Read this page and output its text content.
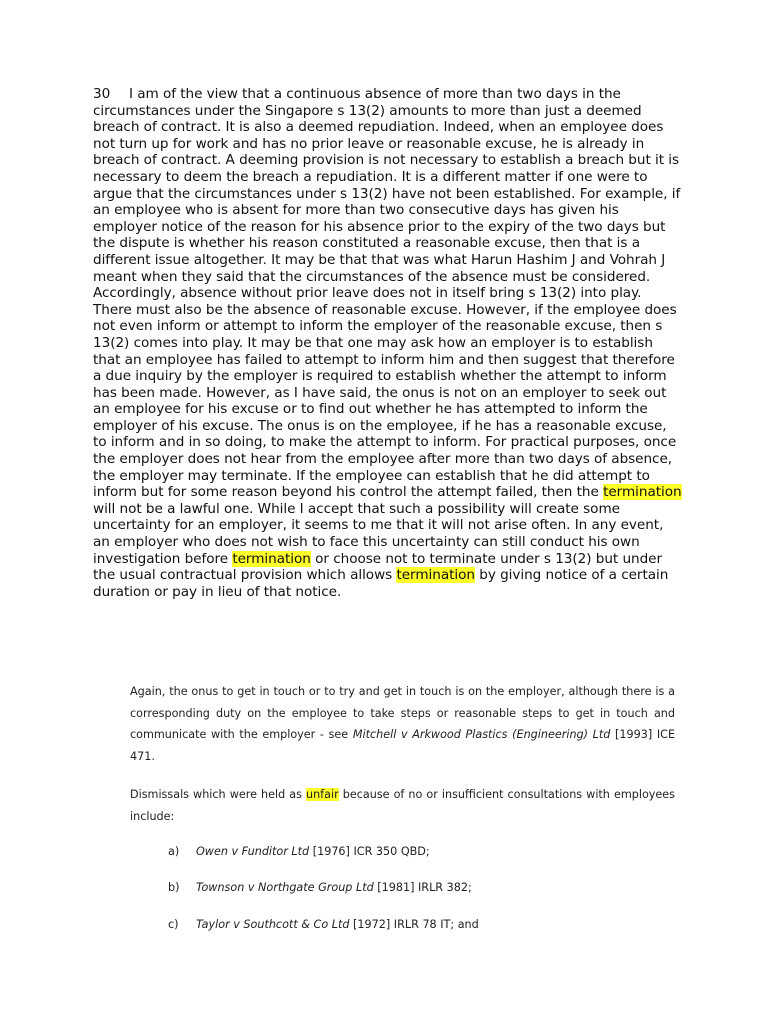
30 I am of the view that a continuous absence of more than two days in the circumstances under the Singapore s 13(2) amounts to more than just a deemed breach of contract. It is also a deemed repudiation. Indeed, when an employee does not turn up for work and has no prior leave or reasonable excuse, he is already in breach of contract. A deeming provision is not necessary to establish a breach but it is necessary to deem the breach a repudiation. It is a different matter if one were to argue that the circumstances under s 13(2) have not been established. For example, if an employee who is absent for more than two consecutive days has given his employer notice of the reason for his absence prior to the expiry of the two days but the dispute is whether his reason constituted a reasonable excuse, then that is a different issue altogether. It may be that that was what Harun Hashim J and Vohrah J meant when they said that the circumstances of the absence must be considered. Accordingly, absence without prior leave does not in itself bring s 13(2) into play. There must also be the absence of reasonable excuse. However, if the employee does not even inform or attempt to inform the employer of the reasonable excuse, then s 13(2) comes into play. It may be that one may ask how an employer is to establish that an employee has failed to attempt to inform him and then suggest that therefore a due inquiry by the employer is required to establish whether the attempt to inform has been made. However, as I have said, the onus is not on an employer to seek out an employee for his excuse or to find out whether he has attempted to inform the employer of his excuse. The onus is on the employee, if he has a reasonable excuse, to inform and in so doing, to make the attempt to inform. For practical purposes, once the employer does not hear from the employee after more than two days of absence, the employer may terminate. If the employee can establish that he did attempt to inform but for some reason beyond his control the attempt failed, then the termination will not be a lawful one. While I accept that such a possibility will create some uncertainty for an employer, it seems to me that it will not arise often. In any event, an employer who does not wish to face this uncertainty can still conduct his own investigation before termination or choose not to terminate under s 13(2) but under the usual contractual provision which allows termination by giving notice of a certain duration or pay in lieu of that notice.

Again, the onus to get in touch or to try and get in touch is on the employer, although there is a corresponding duty on the employee to take steps or reasonable steps to get in touch and communicate with the employer - see Mitchell v Arkwood Plastics (Engineering) Ltd [1993] ICE 471.

Dismissals which were held as unfair because of no or insufficient consultations with employees include:

a) Owen v Funditor Ltd [1976] ICR 350 QBD;
b) Townson v Northgate Group Ltd [1981] IRLR 382;
c) Taylor v Southcott & Co Ltd [1972] IRLR 78 IT; and
